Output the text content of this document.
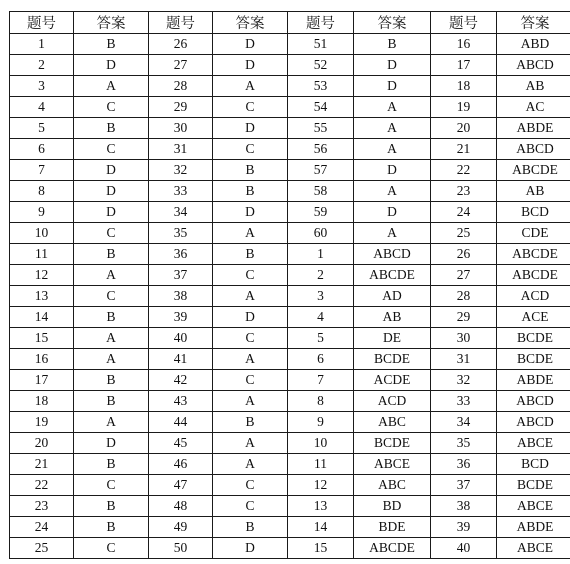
题号	答案	题号	答案	题号	答案	题号	答案
1	B	26	D	51	B	16	ABD
2	D	27	D	52	D	17	ABCD
3	A	28	A	53	D	18	AB
4	C	29	C	54	A	19	AC
5	B	30	D	55	A	20	ABDE
6	C	31	C	56	A	21	ABCD
7	D	32	B	57	D	22	ABCDE
8	D	33	B	58	A	23	AB
9	D	34	D	59	D	24	BCD
10	C	35	A	60	A	25	CDE
11	B	36	B	1	ABCD	26	ABCDE
12	A	37	C	2	ABCDE	27	ABCDE
13	C	38	A	3	AD	28	ACD
14	B	39	D	4	AB	29	ACE
15	A	40	C	5	DE	30	BCDE
16	A	41	A	6	BCDE	31	BCDE
17	B	42	C	7	ACDE	32	ABDE
18	B	43	A	8	ACD	33	ABCD
19	A	44	B	9	ABC	34	ABCD
20	D	45	A	10	BCDE	35	ABCE
21	B	46	A	11	ABCE	36	BCD
22	C	47	C	12	ABC	37	BCDE
23	B	48	C	13	BD	38	ABCE
24	B	49	B	14	BDE	39	ABDE
25	C	50	D	15	ABCDE	40	ABCE
